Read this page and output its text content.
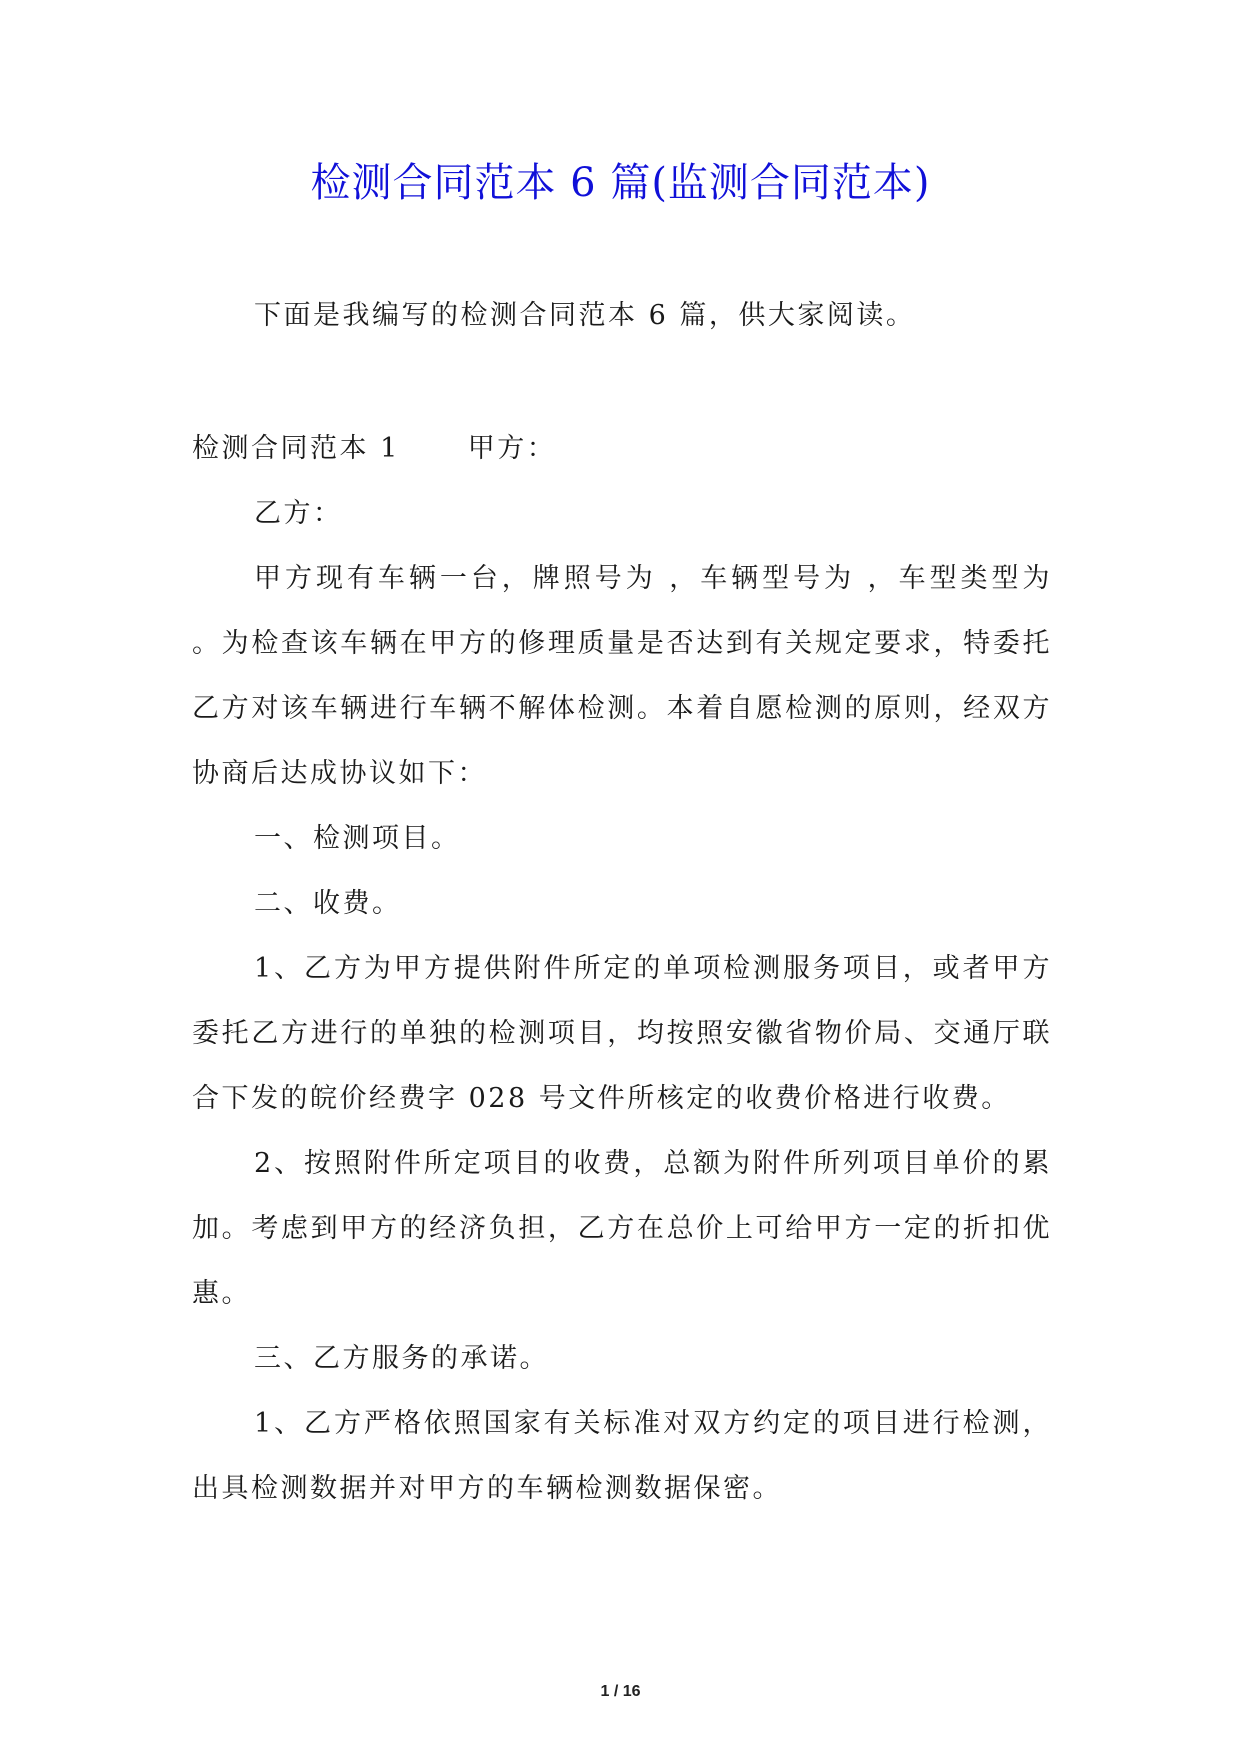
检测合同范本 6 篇(监测合同范本)

下面是我编写的检测合同范本 6 篇，供大家阅读。

检测合同范本 1	甲方：

乙方：

甲方现有车辆一台，牌照号为 ，车辆型号为 ，车型类型为 。为检查该车辆在甲方的修理质量是否达到有关规定要求，特委托乙方对该车辆进行车辆不解体检测。本着自愿检测的原则，经双方协商后达成协议如下：

一、检测项目。

二、收费。

1、乙方为甲方提供附件所定的单项检测服务项目，或者甲方委托乙方进行的单独的检测项目，均按照安徽省物价局、交通厅联合下发的皖价经费字 028 号文件所核定的收费价格进行收费。

2、按照附件所定项目的收费，总额为附件所列项目单价的累加。考虑到甲方的经济负担，乙方在总价上可给甲方一定的折扣优惠。

三、乙方服务的承诺。

1、乙方严格依照国家有关标准对双方约定的项目进行检测，出具检测数据并对甲方的车辆检测数据保密。

1 / 16
